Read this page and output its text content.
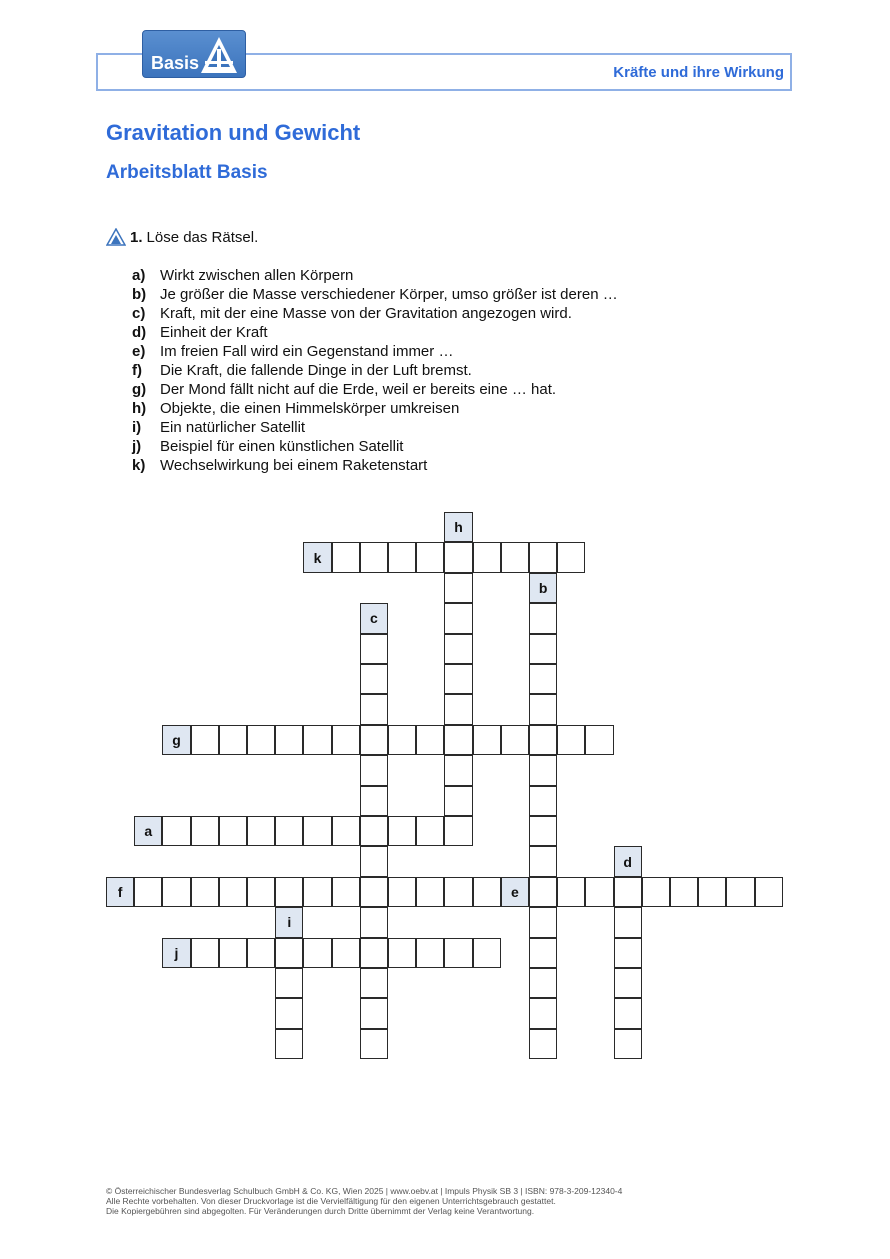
Basis	Kräfte und ihre Wirkung
Gravitation und Gewicht
Arbeitsblatt Basis
1. Löse das Rätsel.
a) Wirkt zwischen allen Körpern
b) Je größer die Masse verschiedener Körper, umso größer ist deren …
c) Kraft, mit der eine Masse von der Gravitation angezogen wird.
d) Einheit der Kraft
e) Im freien Fall wird ein Gegenstand immer …
f)	Die Kraft, die fallende Dinge in der Luft bremst.
g) Der Mond fällt nicht auf die Erde, weil er bereits eine … hat.
h) Objekte, die einen Himmelskörper umkreisen
i)	Ein natürlicher Satellit
j)	Beispiel für einen künstlichen Satellit
k) Wechselwirkung bei einem Raketenstart
h
k
b
c
g
a
d
f	e
i
j
© Österreichischer Bundesverlag Schulbuch GmbH & Co. KG, Wien 2025 | www.oebv.at | Impuls Physik SB 3 | ISBN: 978-3-209-12340-4
Alle Rechte vorbehalten. Von dieser Druckvorlage ist die Vervielfältigung für den eigenen Unterrichtsgebrauch gestattet.
Die Kopiergebühren sind abgegolten. Für Veränderungen durch Dritte übernimmt der Verlag keine Verantwortung.
